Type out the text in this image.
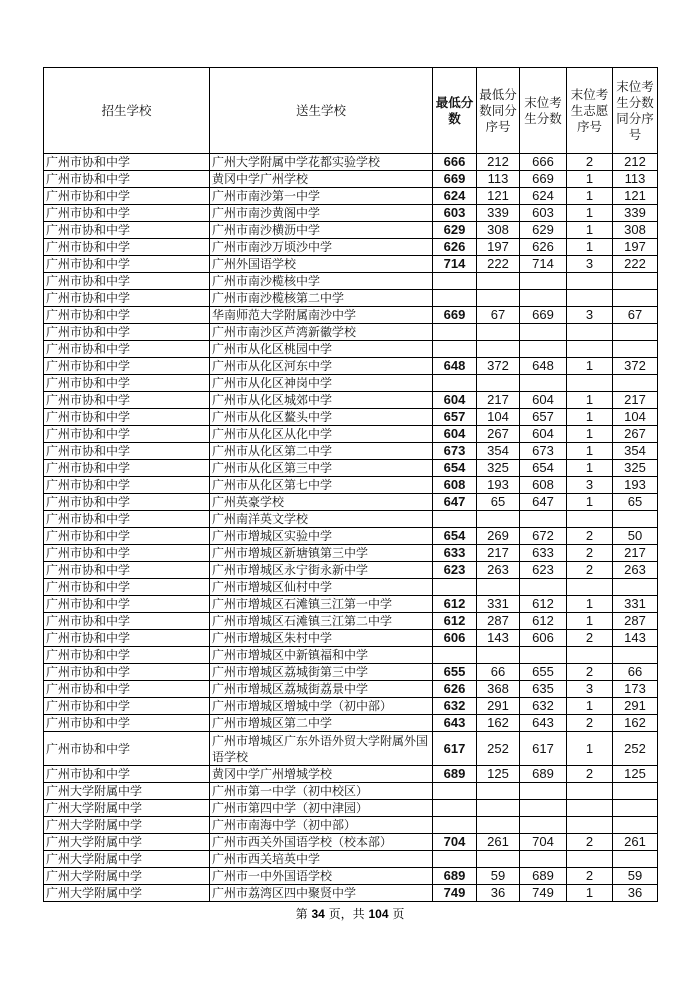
招生学校	送生学校	最低分数	最低分数同分序号	末位考生分数	末位考生志愿序号	末位考生分数同分序号
广州市协和中学	广州大学附属中学花都实验学校	666	212	666	2	212
广州市协和中学	黄冈中学广州学校	669	113	669	1	113
广州市协和中学	广州市南沙第一中学	624	121	624	1	121
广州市协和中学	广州市南沙黄阁中学	603	339	603	1	339
广州市协和中学	广州市南沙横沥中学	629	308	629	1	308
广州市协和中学	广州市南沙万顷沙中学	626	197	626	1	197
广州市协和中学	广州外国语学校	714	222	714	3	222
广州市协和中学	广州市南沙榄核中学					
广州市协和中学	广州市南沙榄核第二中学					
广州市协和中学	华南师范大学附属南沙中学	669	67	669	3	67
广州市协和中学	广州市南沙区芦湾新徽学校					
广州市协和中学	广州市从化区桃园中学					
广州市协和中学	广州市从化区河东中学	648	372	648	1	372
广州市协和中学	广州市从化区神岗中学					
广州市协和中学	广州市从化区城郊中学	604	217	604	1	217
广州市协和中学	广州市从化区鳌头中学	657	104	657	1	104
广州市协和中学	广州市从化区从化中学	604	267	604	1	267
广州市协和中学	广州市从化区第二中学	673	354	673	1	354
广州市协和中学	广州市从化区第三中学	654	325	654	1	325
广州市协和中学	广州市从化区第七中学	608	193	608	3	193
广州市协和中学	广州英豪学校	647	65	647	1	65
广州市协和中学	广州南洋英文学校					
广州市协和中学	广州市增城区实验中学	654	269	672	2	50
广州市协和中学	广州市增城区新塘镇第三中学	633	217	633	2	217
广州市协和中学	广州市增城区永宁街永新中学	623	263	623	2	263
广州市协和中学	广州市增城区仙村中学					
广州市协和中学	广州市增城区石滩镇三江第一中学	612	331	612	1	331
广州市协和中学	广州市增城区石滩镇三江第二中学	612	287	612	1	287
广州市协和中学	广州市增城区朱村中学	606	143	606	2	143
广州市协和中学	广州市增城区中新镇福和中学					
广州市协和中学	广州市增城区荔城街第三中学	655	66	655	2	66
广州市协和中学	广州市增城区荔城街荔景中学	626	368	635	3	173
广州市协和中学	广州市增城区增城中学（初中部）	632	291	632	1	291
广州市协和中学	广州市增城区第二中学	643	162	643	2	162
广州市协和中学	广州市增城区广东外语外贸大学附属外国语学校	617	252	617	1	252
广州市协和中学	黄冈中学广州增城学校	689	125	689	2	125
广州大学附属中学	广州市第一中学（初中校区）					
广州大学附属中学	广州市第四中学（初中津园）					
广州大学附属中学	广州市南海中学（初中部）					
广州大学附属中学	广州市西关外国语学校（校本部）	704	261	704	2	261
广州大学附属中学	广州市西关培英中学					
广州大学附属中学	广州市一中外国语学校	689	59	689	2	59
广州大学附属中学	广州市荔湾区四中聚贤中学	749	36	749	1	36
第 34 页，共 104 页
